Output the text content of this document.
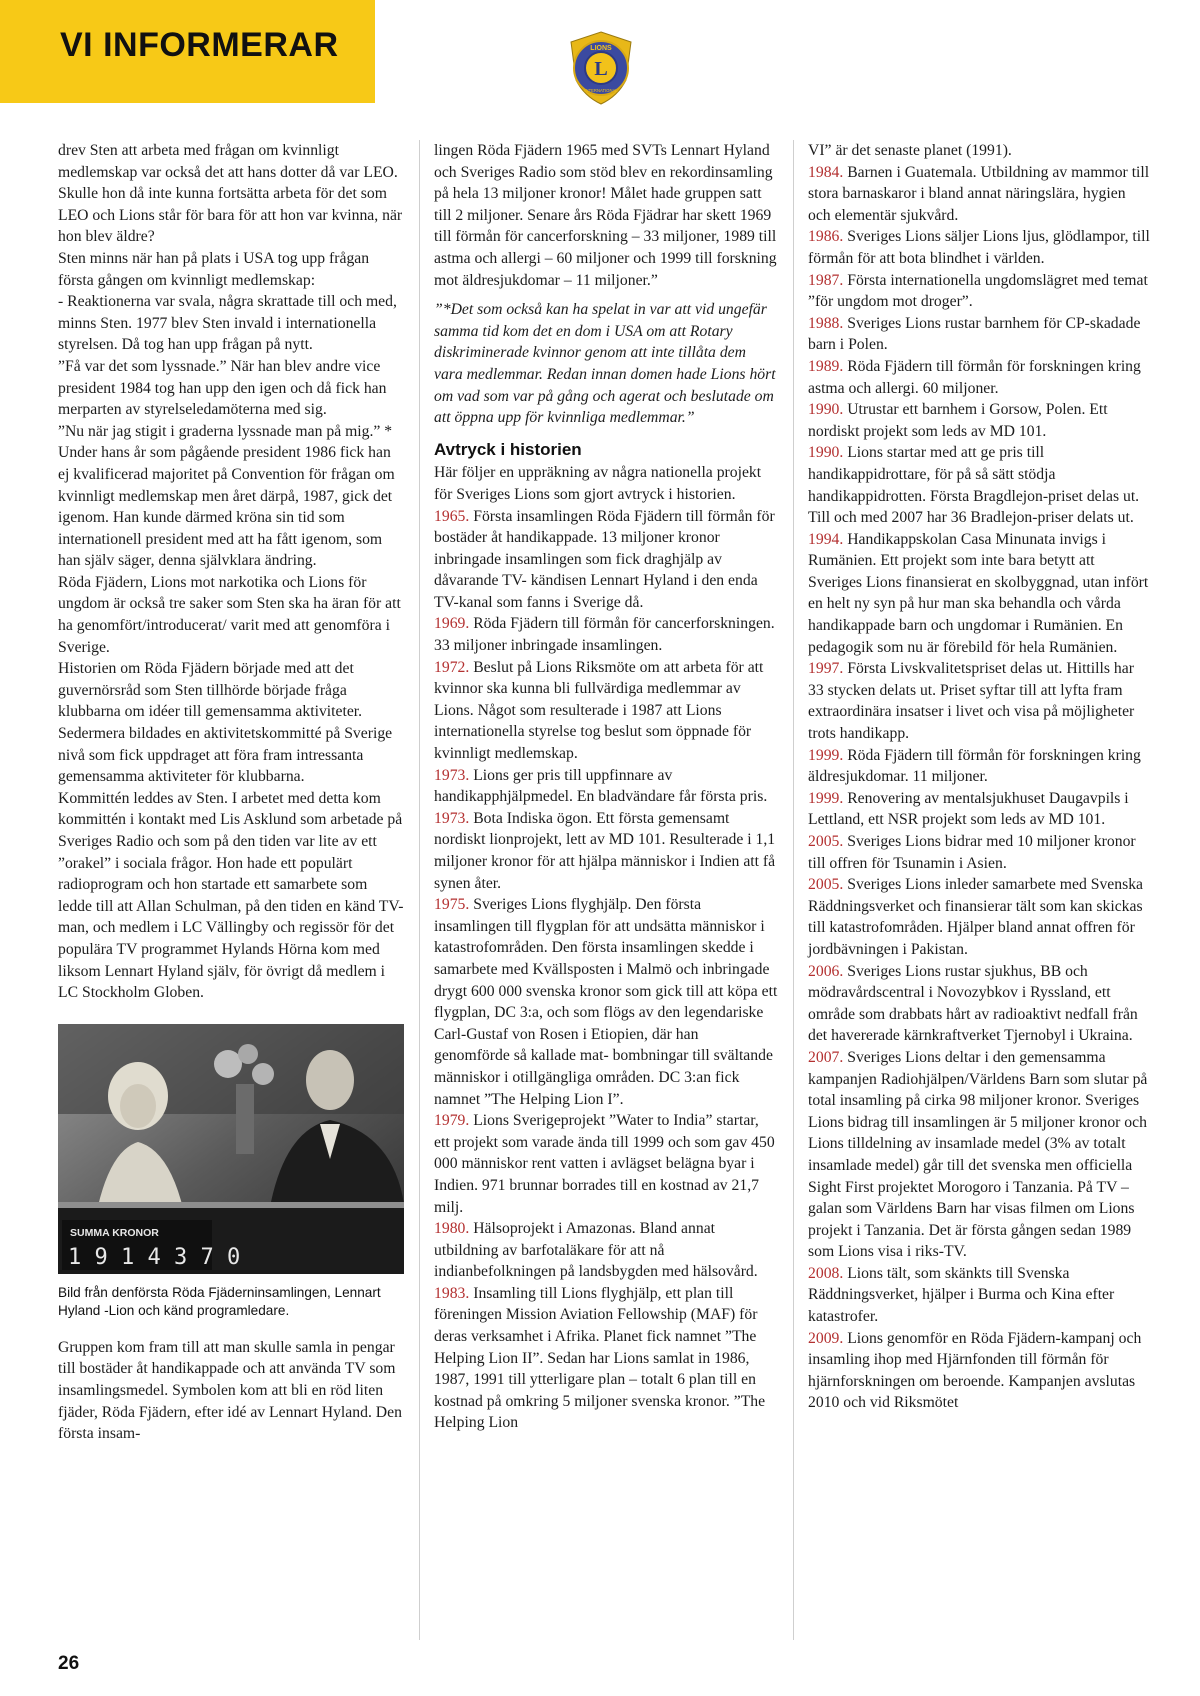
VI INFORMERAR
L
LIONS
INTERNATIONAL

drev Sten att arbeta med frågan om kvinnligt medlemskap var också det att hans dotter då var LEO. Skulle hon då inte kunna fortsätta arbeta för det som LEO och Lions står för bara för att hon var kvinna, när hon blev äldre?

Sten minns när han på plats i USA tog upp frågan första gången om kvinnligt medlemskap:

- Reaktionerna var svala, några skrattade till och med, minns Sten. 1977 blev Sten invald i internationella styrelsen. Då tog han upp frågan på nytt.

”Få var det som lyssnade.” När han blev andre vice president 1984 tog han upp den igen och då fick han merparten av styrelseledamöterna med sig.

”Nu när jag stigit i graderna lyssnade man på mig.” *

Under hans år som pågående president 1986 fick han ej kvalificerad majoritet på Convention för frågan om kvinnligt medlemskap men året därpå, 1987, gick det igenom. Han kunde därmed kröna sin tid som internationell president med att ha fått igenom, som han själv säger, denna självklara ändring.

Röda Fjädern, Lions mot narkotika och Lions för ungdom är också tre saker som Sten ska ha äran för att ha genomfört/introducerat/ varit med att genomföra i Sverige.

Historien om Röda Fjädern började med att det guvernörsråd som Sten tillhörde började fråga klubbarna om idéer till gemensamma aktiviteter.

Sedermera bildades en aktivitetskommitté på Sverige nivå som fick uppdraget att föra fram intressanta gemensamma aktiviteter för klubbarna.

Kommittén leddes av Sten. I arbetet med detta kom kommittén i kontakt med Lis Asklund som arbetade på Sveriges Radio och som på den tiden var lite av ett ”orakel” i sociala frågor. Hon hade ett populärt radioprogram och hon startade ett samarbete som ledde till att Allan Schulman, på den tiden en känd TV-man, och medlem i LC Vällingby och regissör för det populära TV programmet Hylands Hörna kom med liksom Lennart Hyland själv, för övrigt då medlem i LC Stockholm Globen.

SUMMA KRONOR
1 9 1 4 3 7 0

Bild från denförsta Röda Fjäderninsamlingen, Lennart Hyland -Lion och känd programledare.

Gruppen kom fram till att man skulle samla in pengar till bostäder åt handikappade och att använda TV som insamlingsmedel. Symbolen kom att bli en röd liten fjäder, Röda Fjädern, efter idé av Lennart Hyland. Den första insam-

lingen Röda Fjädern 1965 med SVTs Lennart Hyland och Sveriges Radio som stöd blev en rekordinsamling på hela 13 miljoner kronor! Målet hade gruppen satt till 2 miljoner. Senare års Röda Fjädrar har skett 1969 till förmån för cancerforskning – 33 miljoner, 1989 till astma och allergi – 60 miljoner och 1999 till forskning mot äldresjukdomar – 11 miljoner.”

”*Det som också kan ha spelat in var att vid ungefär samma tid kom det en dom i USA om att Rotary diskriminerade kvinnor genom att inte tillåta dem vara medlemmar. Redan innan domen hade Lions hört om vad som var på gång och agerat och beslutade om att öppna upp för kvinnliga medlemmar.”

Avtryck i historien

Här följer en uppräkning av några nationella projekt för Sveriges Lions som gjort avtryck i historien.

1965. Första insamlingen Röda Fjädern till förmån för bostäder åt handikappade. 13 miljoner kronor inbringade insamlingen som fick draghjälp av dåvarande TV- kändisen Lennart Hyland i den enda TV-kanal som fanns i Sverige då.

1969. Röda Fjädern till förmån för cancerforskningen. 33 miljoner inbringade insamlingen.

1972. Beslut på Lions Riksmöte om att arbeta för att kvinnor ska kunna bli fullvärdiga medlemmar av Lions. Något som resulterade i 1987 att Lions internationella styrelse tog beslut som öppnade för kvinnligt medlemskap.

1973. Lions ger pris till uppfinnare av handikapphjälpmedel. En bladvändare får första pris.

1973. Bota Indiska ögon. Ett första gemensamt nordiskt lionprojekt, lett av MD 101. Resulterade i 1,1 miljoner kronor för att hjälpa människor i Indien att få synen åter.

1975. Sveriges Lions flyghjälp. Den första insamlingen till flygplan för att undsätta människor i katastrofområden. Den första insamlingen skedde i samarbete med Kvällsposten i Malmö och inbringade drygt 600 000 svenska kronor som gick till att köpa ett flygplan, DC 3:a, och som flögs av den legendariske Carl-Gustaf von Rosen i Etiopien, där han genomförde så kallade mat- bombningar till svältande människor i otillgängliga områden. DC 3:an fick namnet ”The Helping Lion I”.

1979. Lions Sverigeprojekt ”Water to India” startar, ett projekt som varade ända till 1999 och som gav 450 000 människor rent vatten i avlägset belägna byar i Indien. 971 brunnar borrades till en kostnad av 21,7 milj.

1980. Hälsoprojekt i Amazonas. Bland annat utbildning av barfotaläkare för att nå indianbefolkningen på landsbygden med hälsovård.

1983. Insamling till Lions flyghjälp, ett plan till föreningen Mission Aviation Fellowship (MAF) för deras verksamhet i Afrika. Planet fick namnet ”The Helping Lion II”. Sedan har Lions samlat in 1986, 1987, 1991 till ytterligare plan – totalt 6 plan till en kostnad på omkring 5 miljoner svenska kronor. ”The Helping Lion

VI” är det senaste planet (1991).

1984. Barnen i Guatemala. Utbildning av mammor till stora barnaskaror i bland annat näringslära, hygien och elementär sjukvård.

1986. Sveriges Lions säljer Lions ljus, glödlampor, till förmån för att bota blindhet i världen.

1987. Första internationella ungdomslägret med temat ”för ungdom mot droger”.

1988. Sveriges Lions rustar barnhem för CP-skadade barn i Polen.

1989. Röda Fjädern till förmån för forskningen kring astma och allergi. 60 miljoner.

1990. Utrustar ett barnhem i Gorsow, Polen. Ett nordiskt projekt som leds av MD 101.

1990. Lions startar med att ge pris till handikappidrottare, för på så sätt stödja handikappidrotten. Första Bragdlejon-priset delas ut. Till och med 2007 har 36 Bradlejon-priser delats ut.

1994. Handikappskolan Casa Minunata invigs i Rumänien. Ett projekt som inte bara betytt att Sveriges Lions finansierat en skolbyggnad, utan infört en helt ny syn på hur man ska behandla och vårda handikappade barn och ungdomar i Rumänien. En pedagogik som nu är förebild för hela Rumänien.

1997. Första Livskvalitetspriset delas ut. Hittills har 33 stycken delats ut. Priset syftar till att lyfta fram extraordinära insatser i livet och visa på möjligheter trots handikapp.

1999. Röda Fjädern till förmån för forskningen kring äldresjukdomar. 11 miljoner.

1999. Renovering av mentalsjukhuset Daugavpils i Lettland, ett NSR projekt som leds av MD 101.

2005. Sveriges Lions bidrar med 10 miljoner kronor till offren för Tsunamin i Asien.

2005. Sveriges Lions inleder samarbete med Svenska Räddningsverket och finansierar tält som kan skickas till katastrofområden. Hjälper bland annat offren för jordbävningen i Pakistan.

2006. Sveriges Lions rustar sjukhus, BB och mödravårdscentral i Novozybkov i Ryssland, ett område som drabbats hårt av radioaktivt nedfall från det havererade kärnkraftverket Tjernobyl i Ukraina.

2007. Sveriges Lions deltar i den gemensamma kampanjen Radiohjälpen/Världens Barn som slutar på total insamling på cirka 98 miljoner kronor. Sveriges Lions bidrag till insamlingen är 5 miljoner kronor och Lions tilldelning av insamlade medel (3% av totalt insamlade medel) går till det svenska men officiella Sight First projektet Morogoro i Tanzania. På TV – galan som Världens Barn har visas filmen om Lions projekt i Tanzania. Det är första gången sedan 1989 som Lions visa i riks-TV.

2008. Lions tält, som skänkts till Svenska Räddningsverket, hjälper i Burma och Kina efter katastrofer.

2009. Lions genomför en Röda Fjädern-kampanj och insamling ihop med Hjärnfonden till förmån för hjärnforskningen om beroende. Kampanjen avslutas 2010 och vid Riksmötet

26
